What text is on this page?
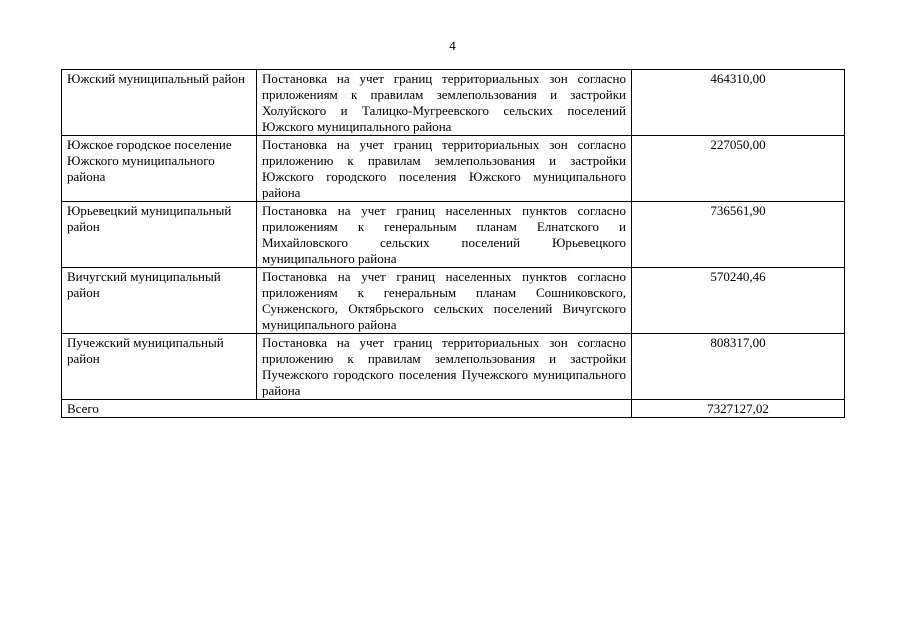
4
Южский муниципальный район	Постановка на учет границ территориальных зон согласно приложениям к правилам землепользования и застройки Холуйского и Талицко-Мугреевского сельских поселений Южского муниципального района	464310,00

Южское городское поселение Южского муниципального района	Постановка на учет границ территориальных зон согласно приложению к правилам землепользования и застройки Южского городского поселения Южского муниципального района	227050,00
Юрьевецкий муниципальный район	Постановка на учет границ населенных пунктов согласно приложениям к генеральным планам Елнатского и Михайловского сельских поселений Юрьевецкого муниципального района	736561,90
Вичугский муниципальный район	Постановка на учет границ населенных пунктов согласно приложениям к генеральным планам Сошниковского, Сунженского, Октябрьского сельских поселений Вичугского муниципального района	570240,46
Пучежский муниципальный район	Постановка на учет границ территориальных зон согласно приложению к правилам землепользования и застройки Пучежского городского поселения Пучежского муниципального района	808317,00
Всего		7327127,02
